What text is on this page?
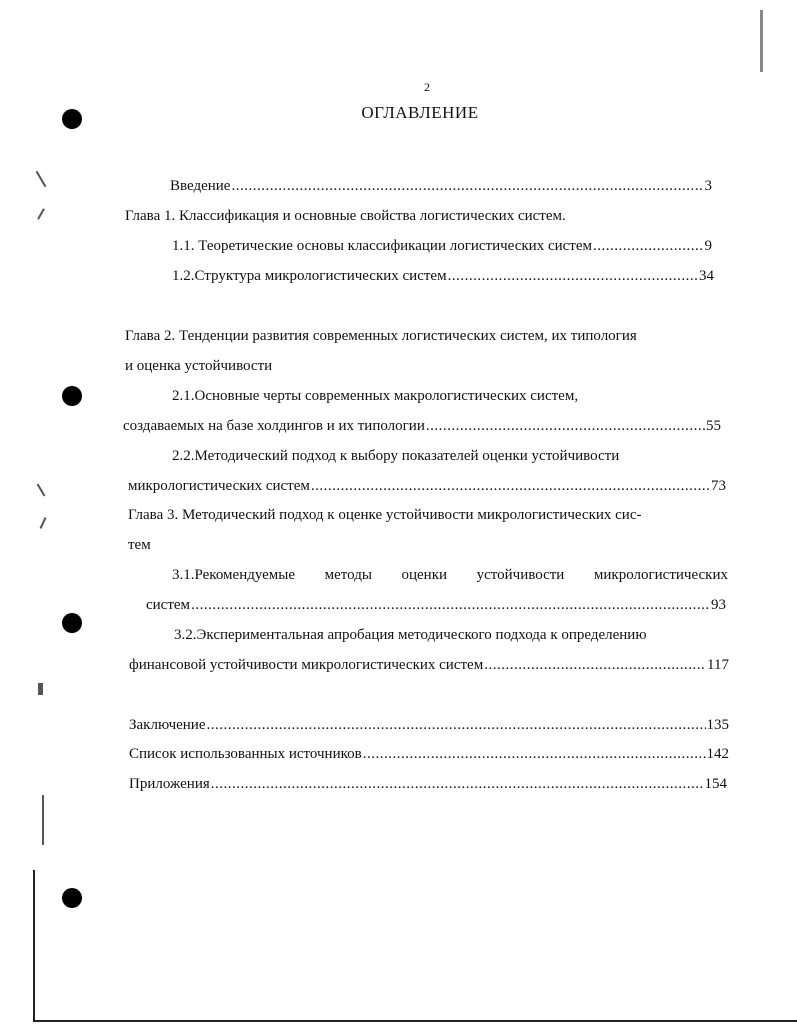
2
ОГЛАВЛЕНИЕ
Введение .....	3
Глава 1. Классификация и основные свойства логистических систем.
1.1. Теоретические основы классификации логистических систем .....	9
1.2.Структура микрологистических систем .....	34
Глава 2. Тенденции развития современных логистических систем, их типология
и оценка устойчивости
2.1.Основные черты современных макрологистических систем,
создаваемых на базе холдингов и их типологии .....	55
2.2.Методический подход к выбору показателей оценки устойчивости
микрологистических систем .....	73
Глава 3. Методический подход к оценке устойчивости микрологистических сис-
тем
3.1.Рекомендуемые методы оценки устойчивости микрологистических
систем .....	93
3.2.Экспериментальная апробация методического подхода к определению
финансовой устойчивости микрологистических систем .....	117
Заключение .....	135
Список использованных источников .....	142
Приложения .....	154
